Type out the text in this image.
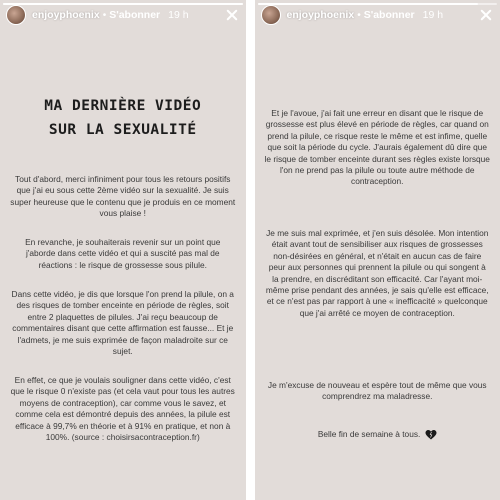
enjoyphoenix • S'abonner 19 h
MA DERNIÈRE VIDÉO
SUR LA SEXUALITÉ

Tout d'abord, merci infiniment pour tous les retours positifs que j'ai eu sous cette 2ème vidéo sur la sexualité. Je suis super heureuse que le contenu que je produis en ce moment vous plaise !

En revanche, je souhaiterais revenir sur un point que j'aborde dans cette vidéo et qui a suscité pas mal de réactions : le risque de grossesse sous pilule.

Dans cette vidéo, je dis que lorsque l'on prend la pilule, on a des risques de tomber enceinte en période de règles, soit entre 2 plaquettes de pilules. J'ai reçu beaucoup de commentaires disant que cette affirmation est fausse... Et je l'admets, je me suis exprimée de façon maladroite sur ce sujet.

En effet, ce que je voulais souligner dans cette vidéo, c'est que le risque 0 n'existe pas (et cela vaut pour tous les autres moyens de contraception), car comme vous le savez, et comme cela est démontré depuis des années, la pilule est efficace à 99,7% en théorie et à 91% en pratique, et non à 100%. (source : choisirsacontraception.fr)

enjoyphoenix • S'abonner 19 h

Et je l'avoue, j'ai fait une erreur en disant que le risque de grossesse est plus élevé en période de règles, car quand on prend la pilule, ce risque reste le même et est infime, quelle que soit la période du cycle. J'aurais également dû dire que le risque de tomber enceinte durant ses règles existe lorsque l'on ne prend pas la pilule ou toute autre méthode de contraception.

Je me suis mal exprimée, et j'en suis désolée. Mon intention était avant tout de sensibiliser aux risques de grossesses non-désirées en général, et n'était en aucun cas de faire peur aux personnes qui prennent la pilule ou qui songent à la prendre, en discréditant son efficacité. Car l'ayant moi-même prise pendant des années, je sais qu'elle est efficace, et ce n'est pas par rapport à une « inefficacité » quelconque que j'ai arrêté ce moyen de contraception.

Je m'excuse de nouveau et espère tout de même que vous comprendrez ma maladresse.

Belle fin de semaine à tous.
